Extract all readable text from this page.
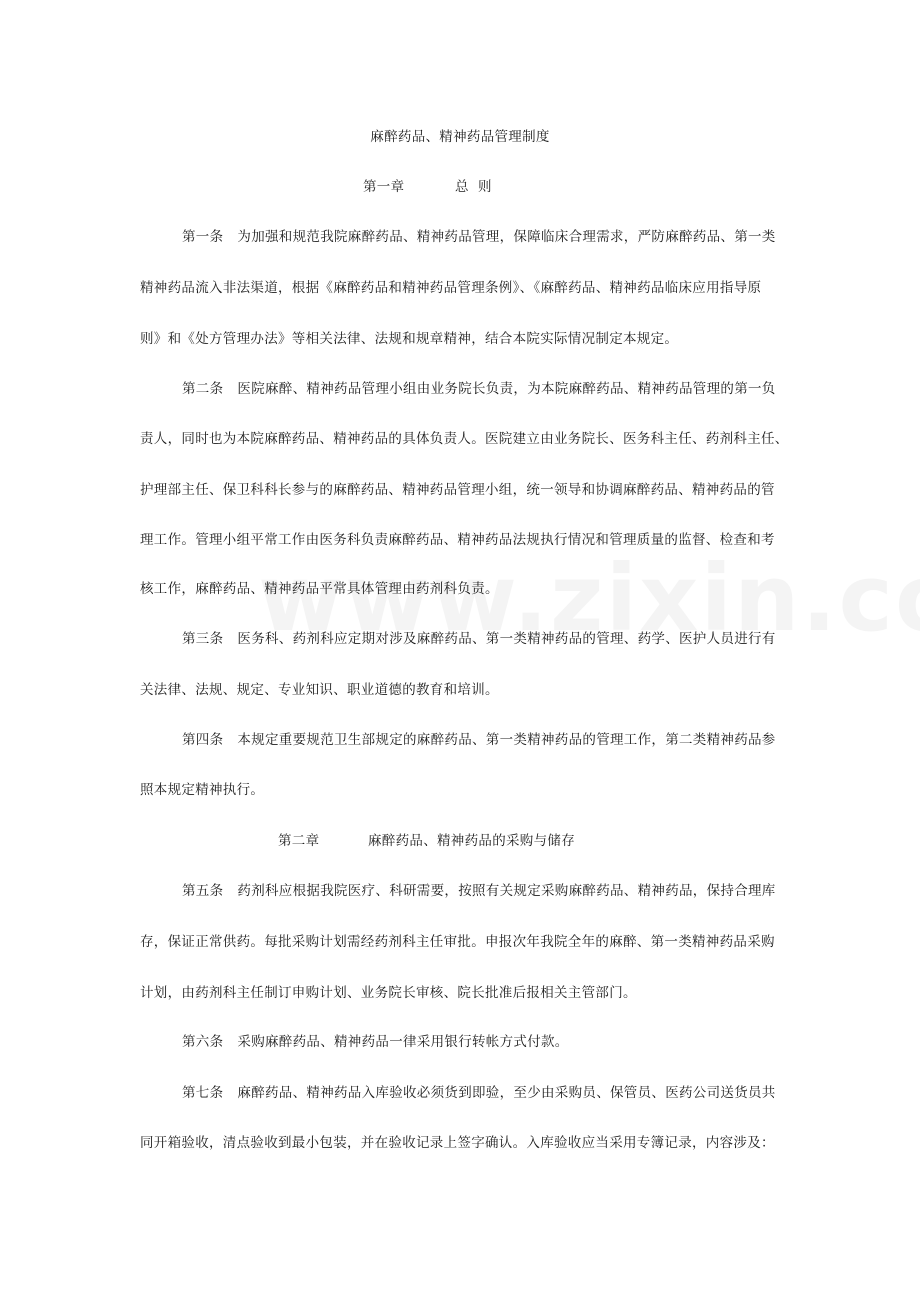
麻醉药品、精神药品管理制度
第一章	总  则
第一条 为加强和规范我院麻醉药品、精神药品管理，保障临床合理需求，严防麻醉药品、第一类
精神药品流入非法渠道，根据《麻醉药品和精神药品管理条例》、《麻醉药品、精神药品临床应用指导原
则》和《处方管理办法》等相关法律、法规和规章精神，结合本院实际情况制定本规定。
第二条 医院麻醉、精神药品管理小组由业务院长负责，为本院麻醉药品、精神药品管理的第一负
责人，同时也为本院麻醉药品、精神药品的具体负责人。医院建立由业务院长、医务科主任、药剂科主任、
护理部主任、保卫科科长参与的麻醉药品、精神药品管理小组，统一领导和协调麻醉药品、精神药品的管
理工作。管理小组平常工作由医务科负责麻醉药品、精神药品法规执行情况和管理质量的监督、检查和考
核工作，麻醉药品、精神药品平常具体管理由药剂科负责。
第三条 医务科、药剂科应定期对涉及麻醉药品、第一类精神药品的管理、药学、医护人员进行有
关法律、法规、规定、专业知识、职业道德的教育和培训。
第四条 本规定重要规范卫生部规定的麻醉药品、第一类精神药品的管理工作，第二类精神药品参
照本规定精神执行。
第二章	麻醉药品、精神药品的采购与储存
第五条 药剂科应根据我院医疗、科研需要，按照有关规定采购麻醉药品、精神药品，保持合理库
存，保证正常供药。每批采购计划需经药剂科主任审批。申报次年我院全年的麻醉、第一类精神药品采购
计划，由药剂科主任制订申购计划、业务院长审核、院长批准后报相关主管部门。
第六条 采购麻醉药品、精神药品一律采用银行转帐方式付款。
第七条 麻醉药品、精神药品入库验收必须货到即验，至少由采购员、保管员、医药公司送货员共
同开箱验收，清点验收到最小包装，并在验收记录上签字确认。入库验收应当采用专簿记录，内容涉及：
